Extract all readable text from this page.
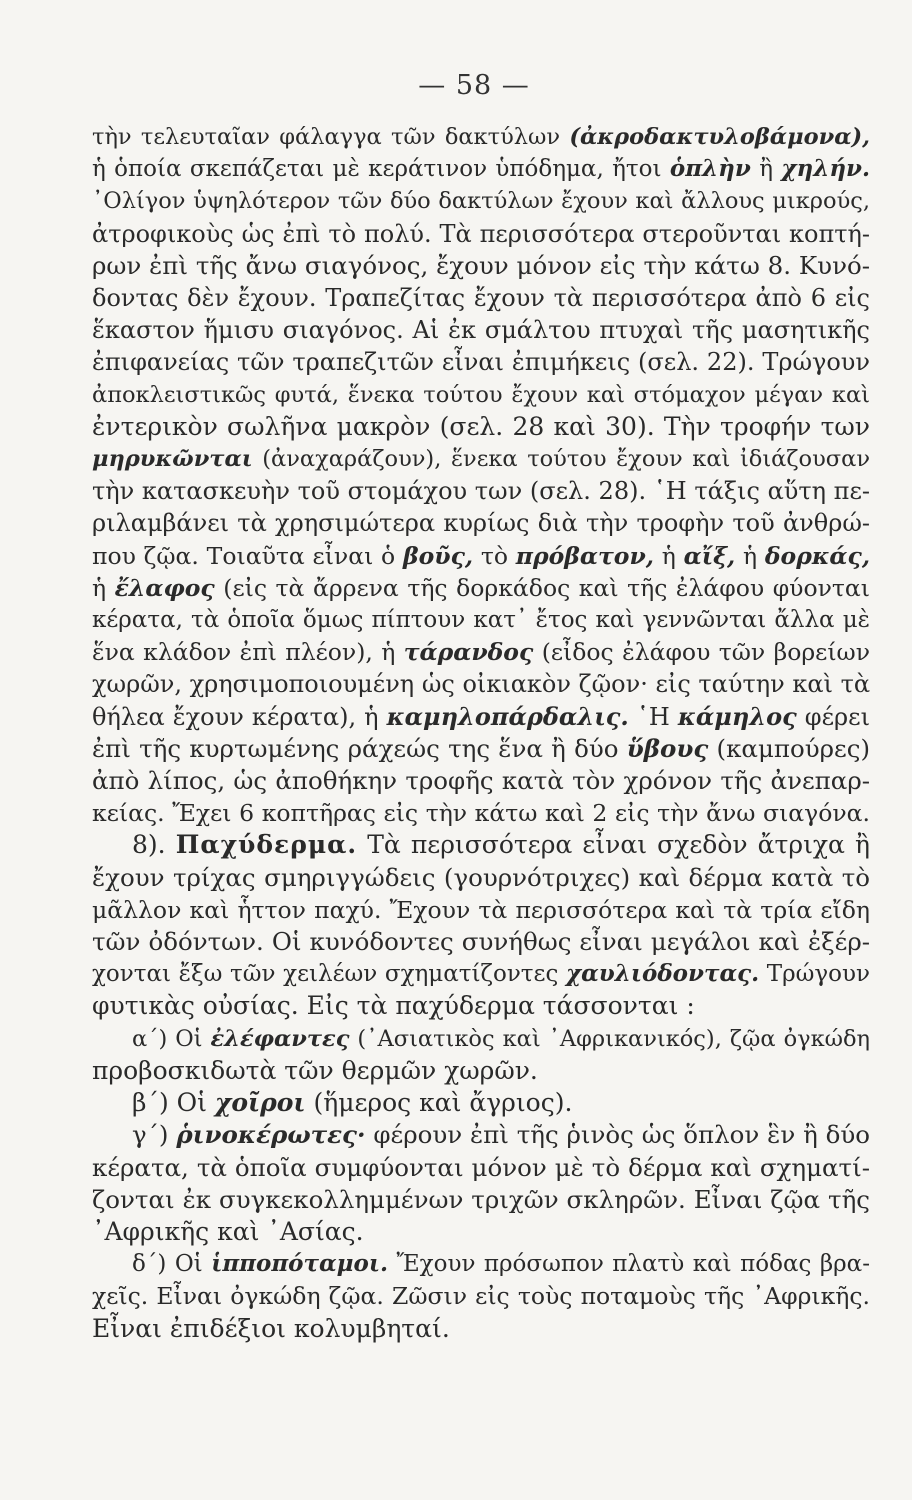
— 58 —
τὴν τελευταῖαν φάλαγγα τῶν δακτύλων (ἀκροδακτυλοβάμονα),
ἡ ὁποία σκεπάζεται μὲ κεράτινον ὑπόδημα, ἤτοι ὁπλὴν ἢ χηλήν.
᾿Ολίγον ὑψηλότερον τῶν δύο δακτύλων ἔχουν καὶ ἄλλους μικρούς,
ἀτροφικοὺς ὡς ἐπὶ τὸ πολύ. Τὰ περισσότερα στεροῦνται κοπτή-
ρων ἐπὶ τῆς ἄνω σιαγόνος, ἔχουν μόνον εἰς τὴν κάτω 8. Κυνό-
δοντας δὲν ἔχουν. Τραπεζίτας ἔχουν τὰ περισσότερα ἀπὸ 6 εἰς
ἕκαστον ἥμισυ σιαγόνος. Αἱ ἐκ σμάλτου πτυχαὶ τῆς μασητικῆς
ἐπιφανείας τῶν τραπεζιτῶν εἶναι ἐπιμήκεις (σελ. 22). Τρώγουν
ἀποκλειστικῶς φυτά, ἕνεκα τούτου ἔχουν καὶ στόμαχον μέγαν καὶ
ἐντερικὸν σωλῆνα μακρὸν (σελ. 28 καὶ 30). Τὴν τροφήν των
μηρυκῶνται (ἀναχαράζουν), ἕνεκα τούτου ἔχουν καὶ ἰδιάζουσαν
τὴν κατασκευὴν τοῦ στομάχου των (σελ. 28). ῾Η τάξις αὕτη πε-
ριλαμβάνει τὰ χρησιμώτερα κυρίως διὰ τὴν τροφὴν τοῦ ἀνθρώ-
που ζῷα. Τοιαῦτα εἶναι ὁ βοῦς, τὸ πρόβατον, ἡ αἴξ, ἡ δορκάς,
ἡ ἔλαφος (εἰς τὰ ἄρρενα τῆς δορκάδος καὶ τῆς ἐλάφου φύονται
κέρατα, τὰ ὁποῖα ὅμως πίπτουν κατ᾿ ἔτος καὶ γεννῶνται ἄλλα μὲ
ἕνα κλάδον ἐπὶ πλέον), ἡ τάρανδος (εἶδος ἐλάφου τῶν βορείων
χωρῶν, χρησιμοποιουμένη ὡς οἰκιακὸν ζῷον· εἰς ταύτην καὶ τὰ
θήλεα ἔχουν κέρατα), ἡ καμηλοπάρδαλις. ῾Η κάμηλος φέρει
ἐπὶ τῆς κυρτωμένης ράχεώς της ἕνα ἢ δύο ὕβους (καμπούρες)
ἀπὸ λίπος, ὡς ἀποθήκην τροφῆς κατὰ τὸν χρόνον τῆς ἀνεπαρ-
κείας. Ἔχει 6 κοπτῆρας εἰς τὴν κάτω καὶ 2 εἰς τὴν ἄνω σιαγόνα.
8). Παχύδερμα. Τὰ περισσότερα εἶναι σχεδὸν ἄτριχα ἢ
ἔχουν τρίχας σμηριγγώδεις (γουρνότριχες) καὶ δέρμα κατὰ τὸ
μᾶλλον καὶ ἧττον παχύ. Ἔχουν τὰ περισσότερα καὶ τὰ τρία εἴδη
τῶν ὀδόντων. Οἱ κυνόδοντες συνήθως εἶναι μεγάλοι καὶ ἐξέρ-
χονται ἔξω τῶν χειλέων σχηματίζοντες χαυλιόδοντας. Τρώγουν
φυτικὰς οὐσίας. Εἰς τὰ παχύδερμα τάσσονται :
α΄) Οἱ ἐλέφαντες (᾿Ασιατικὸς καὶ ᾿Αφρικανικός), ζῷα ὀγκώδη
προβοσκιδωτὰ τῶν θερμῶν χωρῶν.
β΄) Οἱ χοῖροι (ἥμερος καὶ ἄγριος).
γ΄) ῥινοκέρωτες· φέρουν ἐπὶ τῆς ῥινὸς ὡς ὅπλον ἓν ἢ δύο
κέρατα, τὰ ὁποῖα συμφύονται μόνον μὲ τὸ δέρμα καὶ σχηματί-
ζονται ἐκ συγκεκολλημμένων τριχῶν σκληρῶν. Εἶναι ζῷα τῆς
᾿Αφρικῆς καὶ ᾿Ασίας.
δ΄) Οἱ ἱπποπόταμοι. Ἔχουν πρόσωπον πλατὺ καὶ πόδας βρα-
χεῖς. Εἶναι ὀγκώδη ζῷα. Ζῶσιν εἰς τοὺς ποταμοὺς τῆς ᾿Αφρικῆς.
Εἶναι ἐπιδέξιοι κολυμβηταί.
